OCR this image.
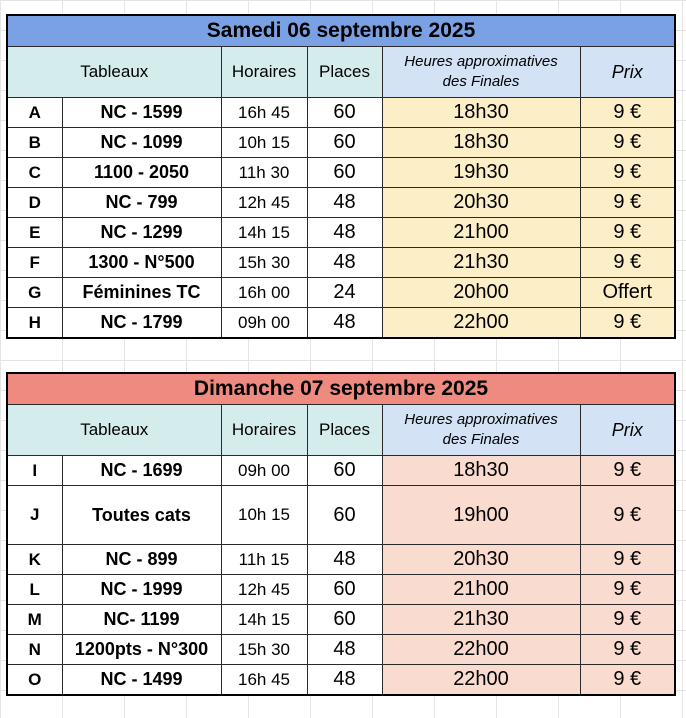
Samedi 06 septembre 2025					
Tableaux		Horaires	Places	Heures approximatives
des Finales	Prix
A	NC - 1599	16h 45	60	18h30	9 €
B	NC - 1099	10h 15	60	18h30	9 €
C	1100 - 2050	11h 30	60	19h30	9 €
D	NC - 799	12h 45	48	20h30	9 €
E	NC - 1299	14h 15	48	21h00	9 €
F	1300 - N°500	15h 30	48	21h30	9 €
G	Féminines TC	16h 00	24	20h00	Offert
H	NC - 1799	09h 00	48	22h00	9 €
Dimanche 07 septembre 2025					
Tableaux		Horaires	Places	Heures approximatives
des Finales	Prix
I	NC - 1699	09h 00	60	18h30	9 €
J	Toutes cats	10h 15	60	19h00	9 €
K	NC - 899	11h 15	48	20h30	9 €
L	NC - 1999	12h 45	60	21h00	9 €
M	NC- 1199	14h 15	60	21h30	9 €
N	1200pts - N°300	15h 30	48	22h00	9 €
O	NC - 1499	16h 45	48	22h00	9 €
